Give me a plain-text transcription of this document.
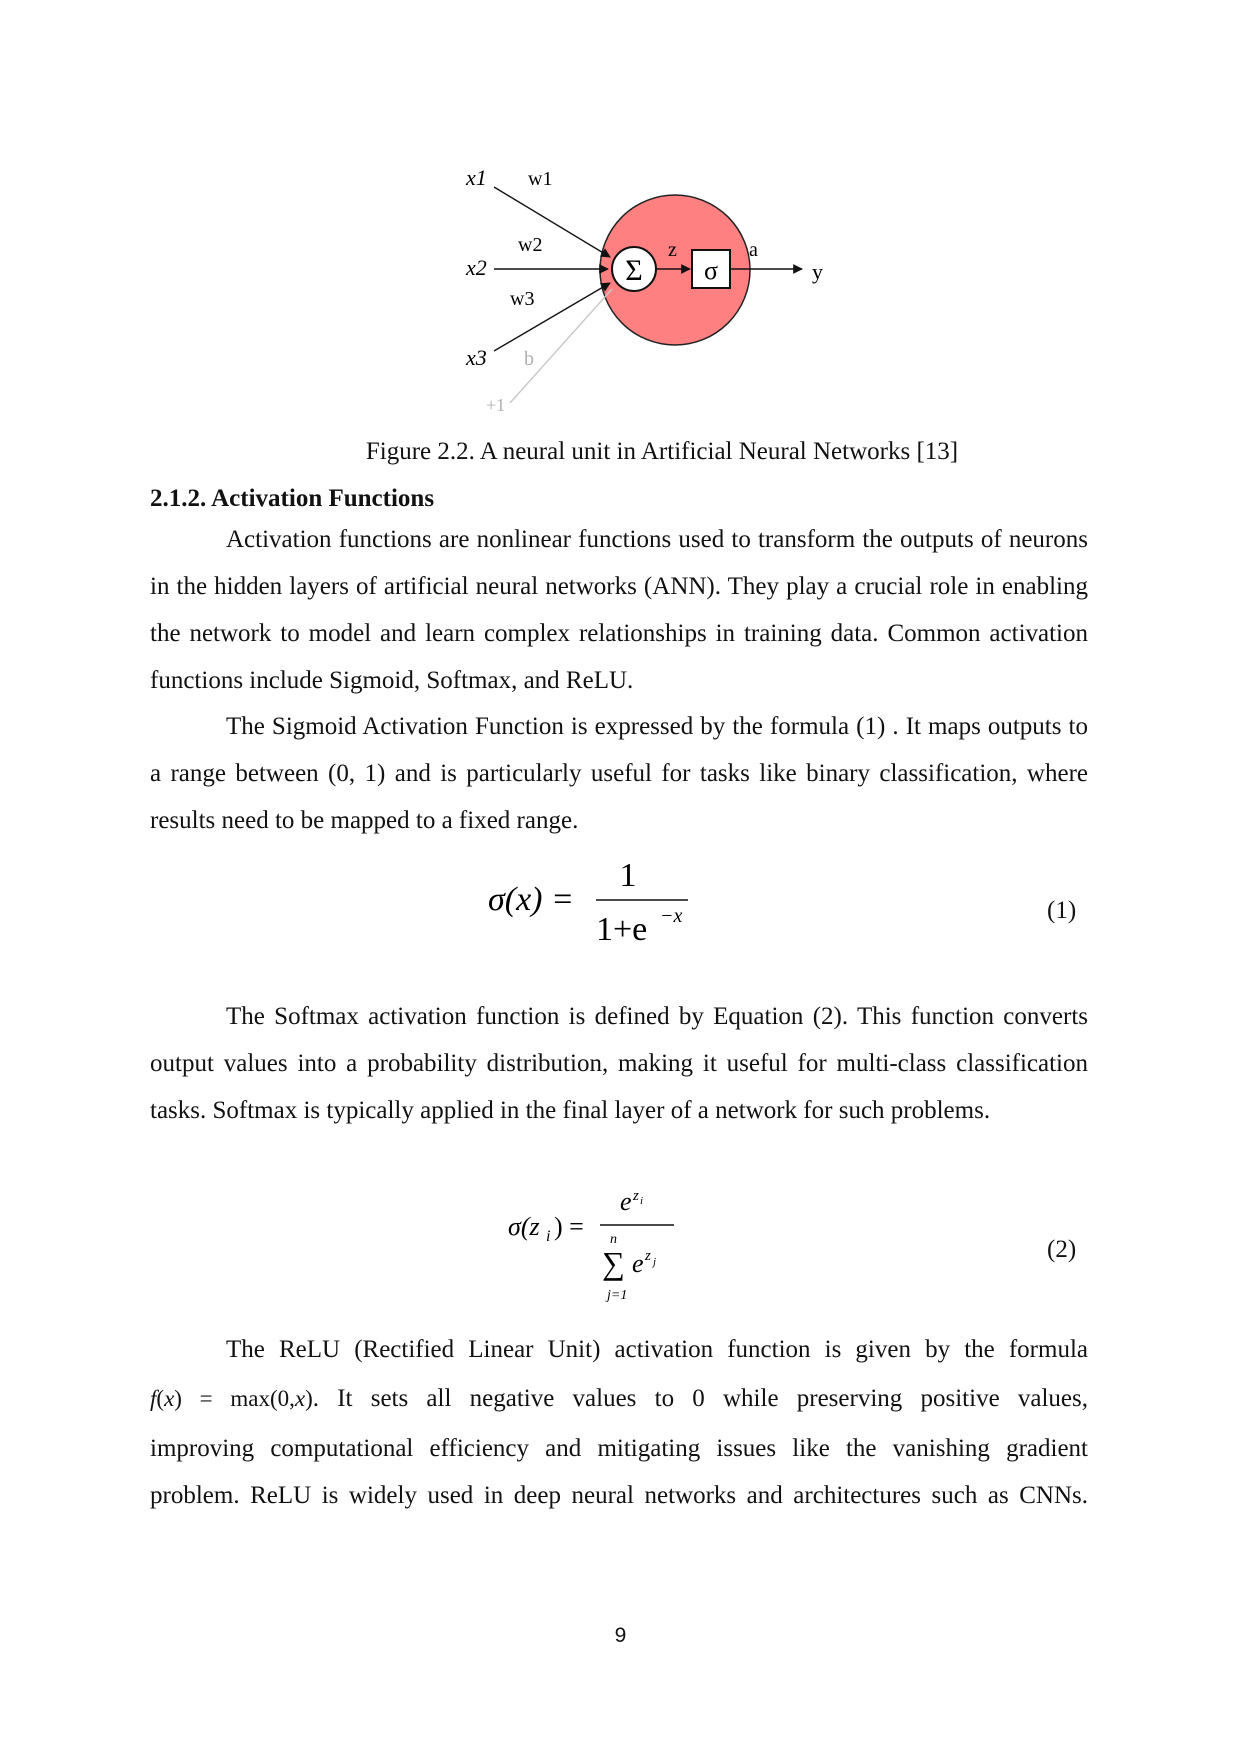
Σ σ
x1
x2
x3
w1
w2
w3
b
+1
z	a
y
Figure 2.2. A neural unit in Artificial Neural Networks [13]
2.1.2. Activation Functions

Activation functions are nonlinear functions used to transform the outputs of neurons in the hidden layers of artificial neural networks (ANN). They play a crucial role in enabling the network to model and learn complex relationships in training data. Common activation functions include Sigmoid, Softmax, and ReLU.

The Sigmoid Activation Function is expressed by the formula (1) . It maps outputs to a range between (0, 1) and is particularly useful for tasks like binary classification, where results need to be mapped to a fixed range.

σ(x) =
1
1+e −x	(1)

The Softmax activation function is defined by Equation (2). This function converts output values into a probability distribution, making it useful for multi-class classification tasks. Softmax is typically applied in the final layer of a network for such problems.

σ(z i ) =
e z i
n
∑ e z j
j=1
(2)
The ReLU (Rectified Linear Unit) activation function is given by the formula
f(x) = max(0,x). It sets all negative values to 0 while preserving positive values,
improving computational efficiency and mitigating issues like the vanishing gradient
problem. ReLU is widely used in deep neural networks and architectures such as CNNs.
9
